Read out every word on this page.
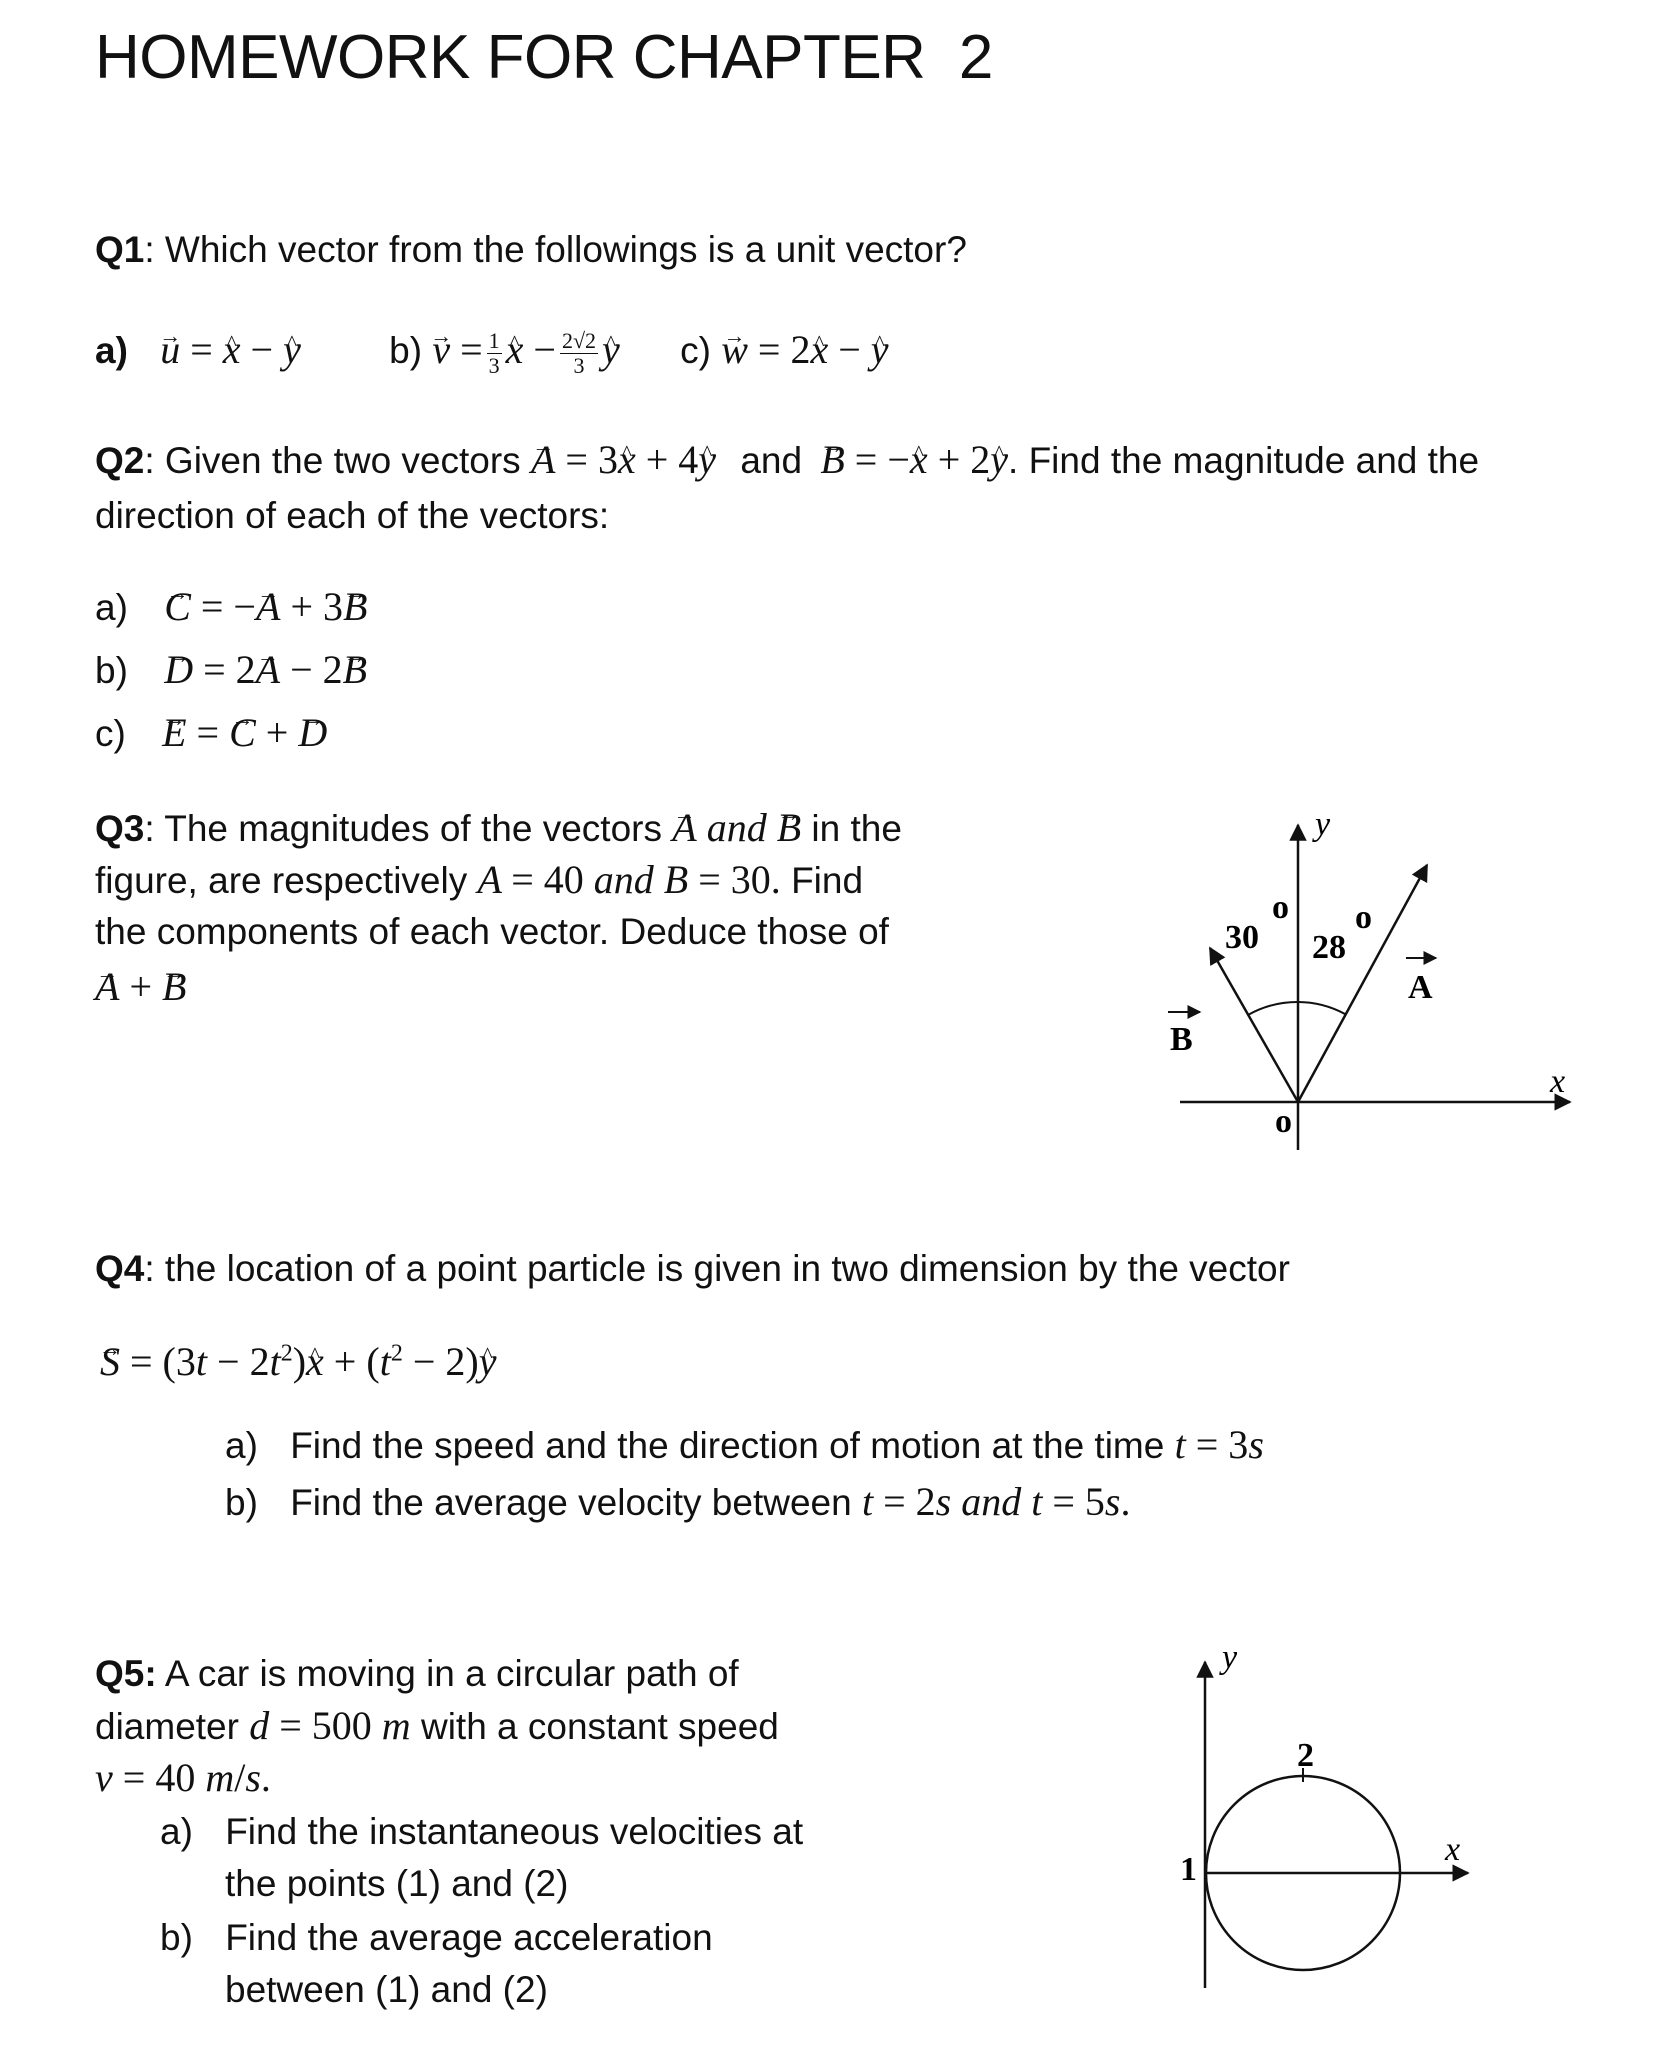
HOMEWORK FOR CHAPTER  2
Q1: Which vector from the followings is a unit vector?
a) → u = ^ x − ^ y $b) \to v = \frac{1}{3}$ ^ $x - \frac{2√2}{3}$ ^ y c) → w = 2^ x − ^ y
Q2: Given the two vectors → A = 3^ x + 4^ y and → B = −^ x + 2^ y. Find the magnitude and the
direction of each of the vectors:
a) → C = −→ A + 3→ B
b) → D = 2→ A − 2→ B
c) → E = → C + → D
Q3: The magnitudes of the vectors → A and → B in the
figure, are respectively A = 40 and B = 30. Find
the components of each vector. Deduce those of
→ A + → B
y
x
o
30
o
28
o
A
B
Q4: the location of a point particle is given in two dimension by the vector
→ $S = (3t - 2t^2)\^{}$ $x + (t^2$ − 2)^ y
a) Find the speed and the direction of motion at the time t = 3s
b) Find the average velocity between t = 2s and t = 5s.
Q5: A car is moving in a circular path of
diameter d = 500 m with a constant speed
v = 40 m/s.
a) Find the instantaneous velocities at
the points (1) and (2)
b) Find the average acceleration
between (1) and (2)
y
x
1
2
